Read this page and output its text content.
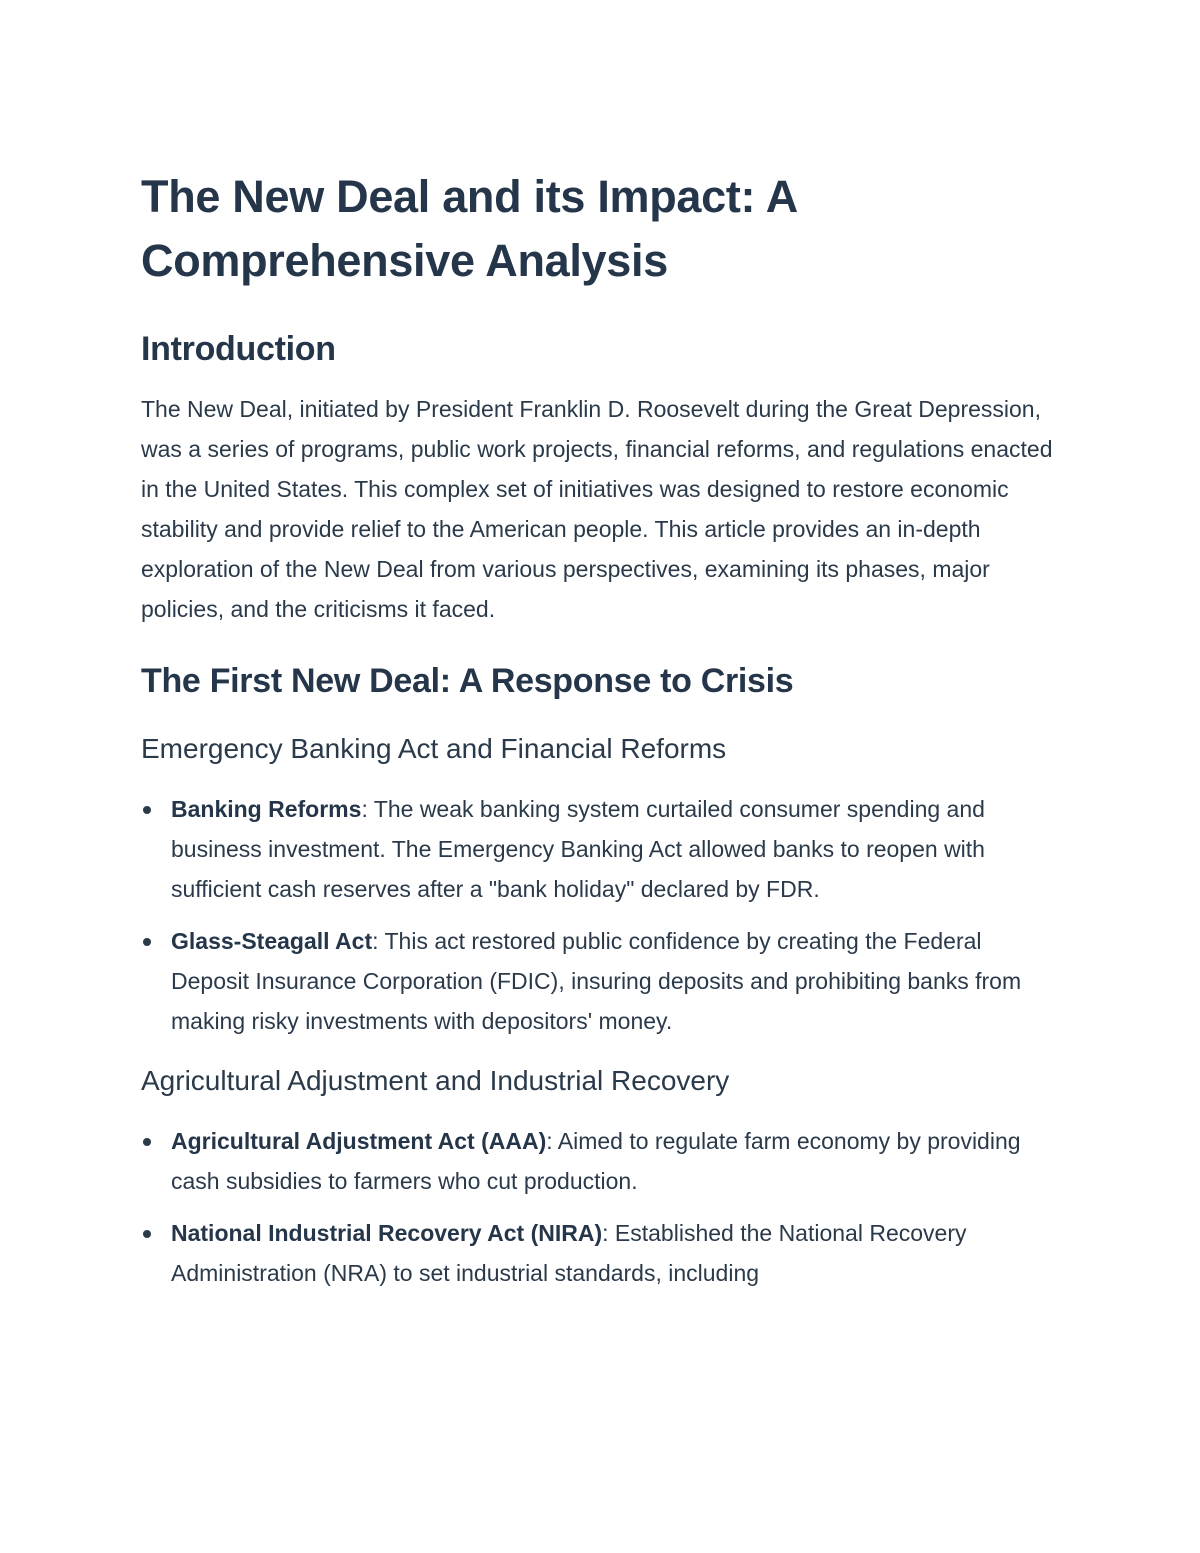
The New Deal and its Impact: A Comprehensive Analysis
Introduction

The New Deal, initiated by President Franklin D. Roosevelt during the Great Depression, was a series of programs, public work projects, financial reforms, and regulations enacted in the United States. This complex set of initiatives was designed to restore economic stability and provide relief to the American people. This article provides an in-depth exploration of the New Deal from various perspectives, examining its phases, major policies, and the criticisms it faced.

The First New Deal: A Response to Crisis
Emergency Banking Act and Financial Reforms
Banking Reforms: The weak banking system curtailed consumer spending and business investment. The Emergency Banking Act allowed banks to reopen with sufficient cash reserves after a "bank holiday" declared by FDR.
Glass-Steagall Act: This act restored public confidence by creating the Federal Deposit Insurance Corporation (FDIC), insuring deposits and prohibiting banks from making risky investments with depositors' money.
Agricultural Adjustment and Industrial Recovery
Agricultural Adjustment Act (AAA): Aimed to regulate farm economy by providing cash subsidies to farmers who cut production.
National Industrial Recovery Act (NIRA): Established the National Recovery Administration (NRA) to set industrial standards, including
